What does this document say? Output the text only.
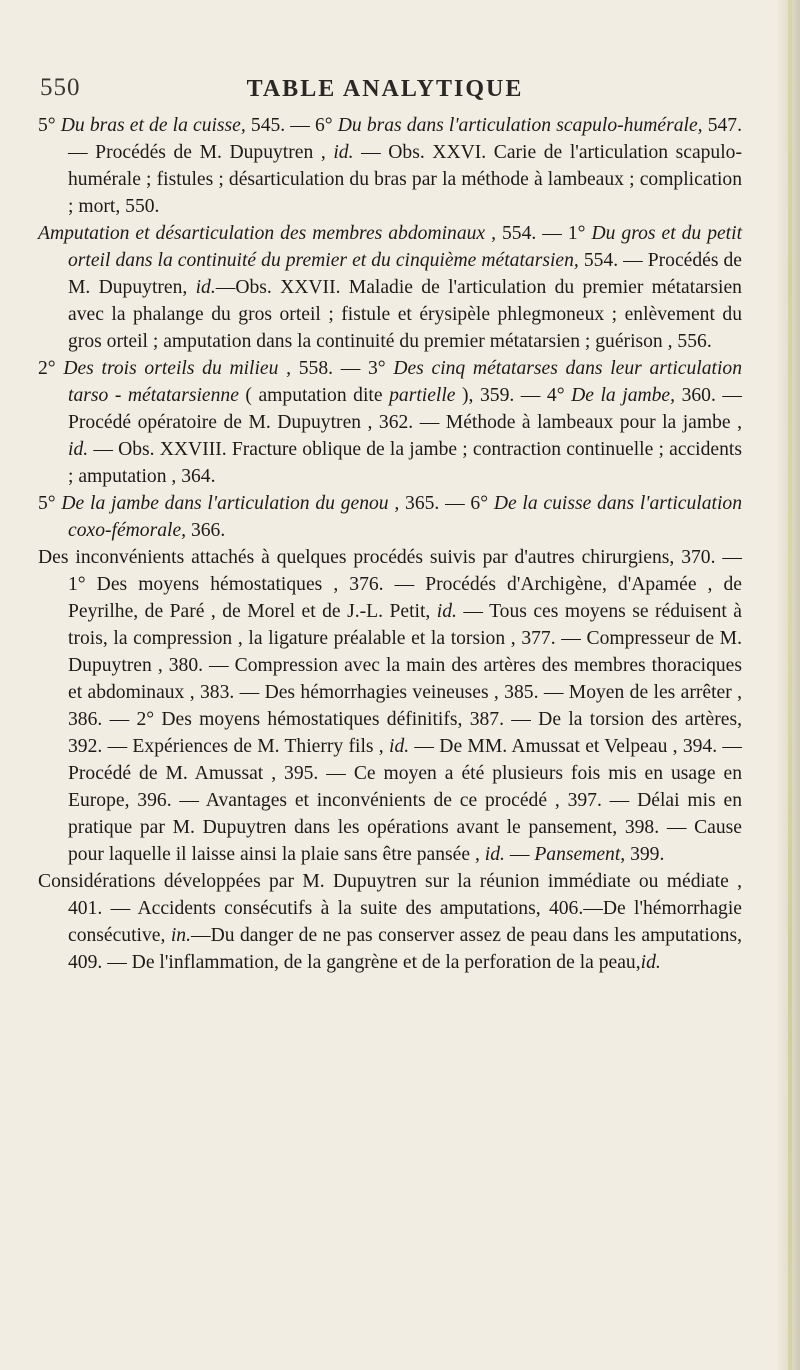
550	TABLE ANALYTIQUE

5° Du bras et de la cuisse, 545. — 6° Du bras dans l'articulation scapulo-humérale, 547. — Procédés de M. Dupuytren , id. — Obs. XXVI. Carie de l'articulation scapulo-humérale ; fistules ; désarticulation du bras par la méthode à lambeaux ; complication ; mort, 550.

Amputation et désarticulation des membres abdominaux , 554. — 1° Du gros et du petit orteil dans la continuité du premier et du cinquième métatarsien, 554. — Procédés de M. Dupuytren, id.—Obs. XXVII. Maladie de l'articulation du premier métatarsien avec la phalange du gros orteil ; fistule et érysipèle phlegmoneux ; enlèvement du gros orteil ; amputation dans la continuité du premier métatarsien ; guérison , 556.

2° Des trois orteils du milieu , 558. — 3° Des cinq métatarses dans leur articulation tarso - métatarsienne ( amputation dite partielle ), 359. — 4° De la jambe, 360. — Procédé opératoire de M. Dupuytren , 362. — Méthode à lambeaux pour la jambe , id. — Obs. XXVIII. Fracture oblique de la jambe ; contraction continuelle ; accidents ; amputation , 364.

5° De la jambe dans l'articulation du genou , 365. — 6° De la cuisse dans l'articulation coxo-fémorale, 366.

Des inconvénients attachés à quelques procédés suivis par d'autres chirurgiens, 370. — 1° Des moyens hémostatiques , 376. — Procédés d'Archigène, d'Apamée , de Peyrilhe, de Paré , de Morel et de J.-L. Petit, id. — Tous ces moyens se réduisent à trois, la compression , la ligature préalable et la torsion , 377. — Compresseur de M. Dupuytren , 380. — Compression avec la main des artères des membres thoraciques et abdominaux , 383. — Des hémorrhagies veineuses , 385. — Moyen de les arrêter , 386. — 2° Des moyens hémostatiques définitifs, 387. — De la torsion des artères, 392. — Expériences de M. Thierry fils , id. — De MM. Amussat et Velpeau , 394. — Procédé de M. Amussat , 395. — Ce moyen a été plusieurs fois mis en usage en Europe, 396. — Avantages et inconvénients de ce procédé , 397. — Délai mis en pratique par M. Dupuytren dans les opérations avant le pansement, 398. — Cause pour laquelle il laisse ainsi la plaie sans être pansée , id. — Pansement, 399.

Considérations développées par M. Dupuytren sur la réunion immédiate ou médiate , 401. — Accidents consécutifs à la suite des amputations, 406.—De l'hémorrhagie consécutive, in.—Du danger de ne pas conserver assez de peau dans les amputations, 409. — De l'inflammation, de la gangrène et de la perforation de la peau,id.
